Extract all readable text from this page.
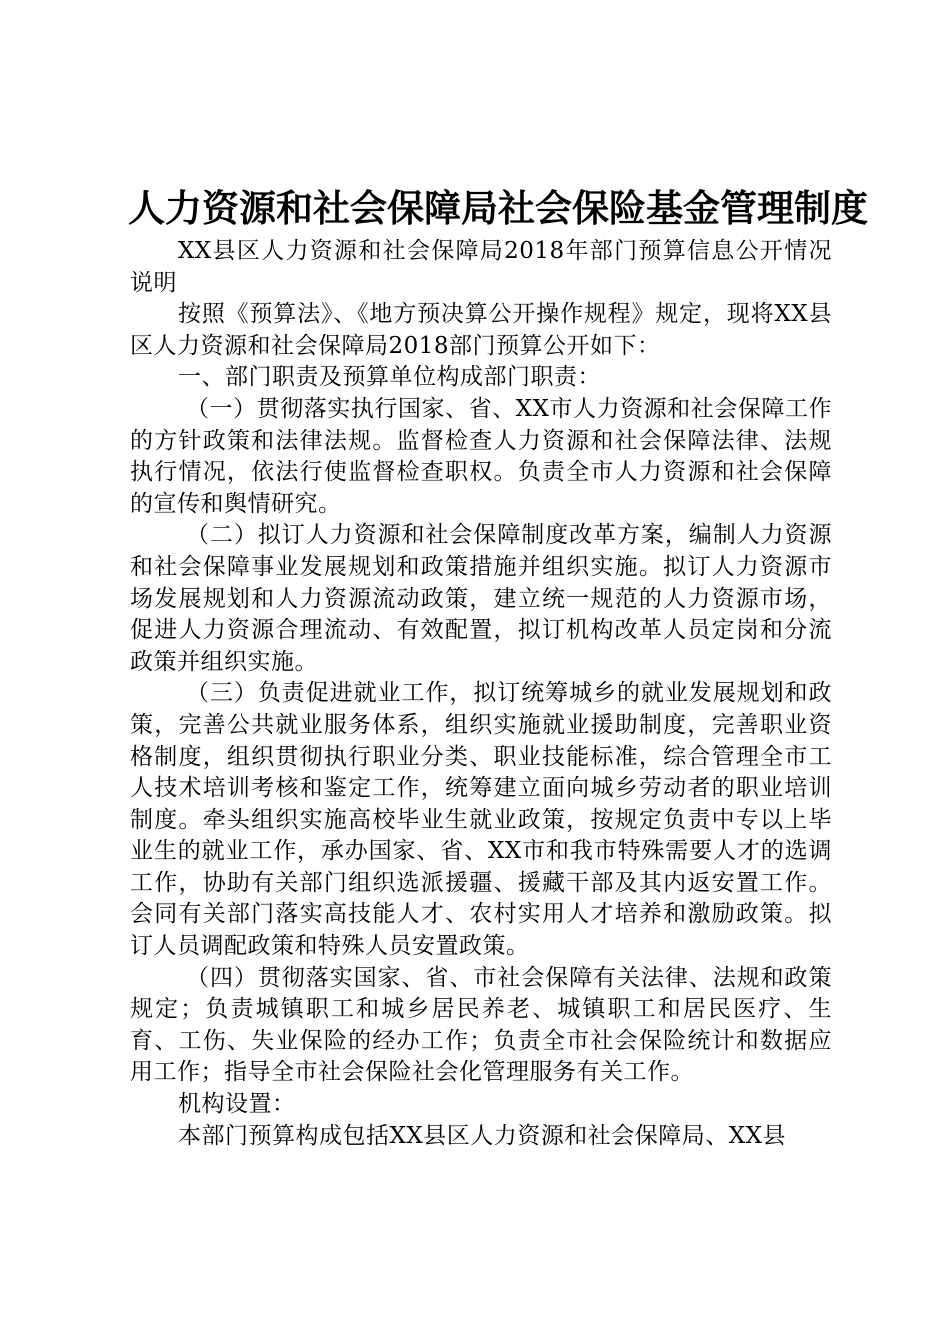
人力资源和社会保障局社会保险基金管理制度

XX县区人力资源和社会保障局2018年部门预算信息公开情况说明

按照《预算法》、《地方预决算公开操作规程》规定，现将XX县区人力资源和社会保障局2018部门预算公开如下：

一、部门职责及预算单位构成部门职责：

（一）贯彻落实执行国家、省、XX市人力资源和社会保障工作的方针政策和法律法规。监督检查人力资源和社会保障法律、法规执行情况，依法行使监督检查职权。负责全市人力资源和社会保障的宣传和舆情研究。

（二）拟订人力资源和社会保障制度改革方案，编制人力资源和社会保障事业发展规划和政策措施并组织实施。拟订人力资源市场发展规划和人力资源流动政策，建立统一规范的人力资源市场，促进人力资源合理流动、有效配置，拟订机构改革人员定岗和分流政策并组织实施。

（三）负责促进就业工作，拟订统筹城乡的就业发展规划和政策，完善公共就业服务体系，组织实施就业援助制度，完善职业资格制度，组织贯彻执行职业分类、职业技能标准，综合管理全市工人技术培训考核和鉴定工作，统筹建立面向城乡劳动者的职业培训制度。牵头组织实施高校毕业生就业政策，按规定负责中专以上毕业生的就业工作，承办国家、省、XX市和我市特殊需要人才的选调工作，协助有关部门组织选派援疆、援藏干部及其内返安置工作。会同有关部门落实高技能人才、农村实用人才培养和激励政策。拟订人员调配政策和特殊人员安置政策。

（四）贯彻落实国家、省、市社会保障有关法律、法规和政策规定；负责城镇职工和城乡居民养老、城镇职工和居民医疗、生育、工伤、失业保险的经办工作；负责全市社会保险统计和数据应用工作；指导全市社会保险社会化管理服务有关工作。

机构设置：

本部门预算构成包括XX县区人力资源和社会保障局、XX县
